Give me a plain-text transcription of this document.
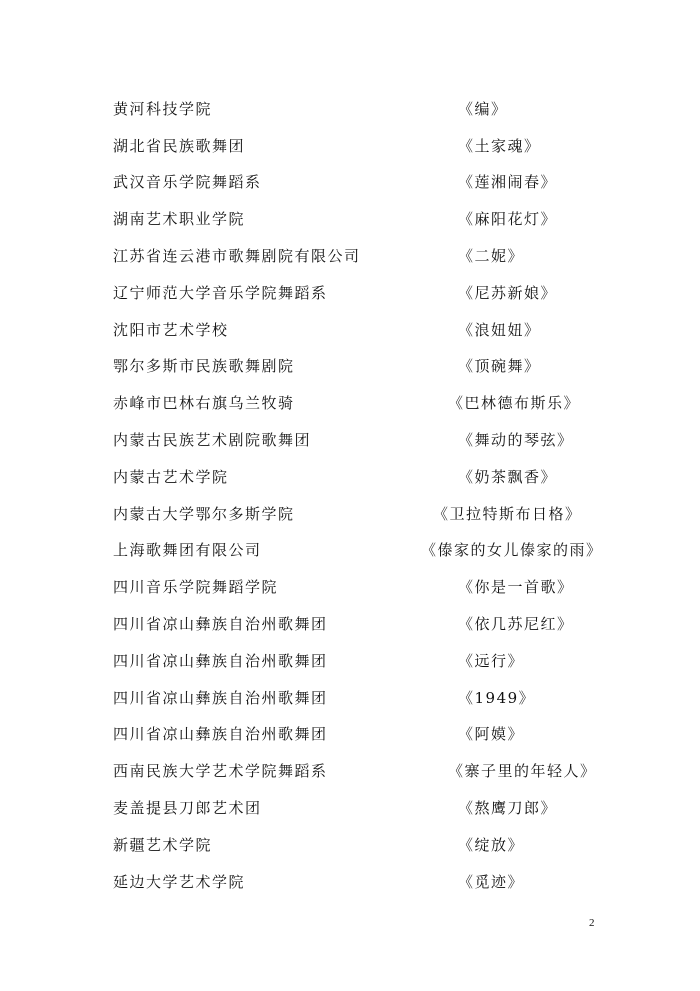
黄河科技学院	《编》
湖北省民族歌舞团	《土家魂》
武汉音乐学院舞蹈系	《莲湘闹春》
湖南艺术职业学院	《麻阳花灯》
江苏省连云港市歌舞剧院有限公司	《二妮》
辽宁师范大学音乐学院舞蹈系	《尼苏新娘》
沈阳市艺术学校	《浪妞妞》
鄂尔多斯市民族歌舞剧院	《顶碗舞》
赤峰市巴林右旗乌兰牧骑	《巴林德布斯乐》
内蒙古民族艺术剧院歌舞团	《舞动的琴弦》
内蒙古艺术学院	《奶茶飘香》
内蒙古大学鄂尔多斯学院	《卫拉特斯布日格》
上海歌舞团有限公司	《傣家的女儿傣家的雨》
四川音乐学院舞蹈学院	《你是一首歌》
四川省凉山彝族自治州歌舞团	《依几苏尼红》
四川省凉山彝族自治州歌舞团	《远行》
四川省凉山彝族自治州歌舞团	《1949》
四川省凉山彝族自治州歌舞团	《阿嫫》
西南民族大学艺术学院舞蹈系	《寨子里的年轻人》
麦盖提县刀郎艺术团	《熬鹰刀郎》
新疆艺术学院	《绽放》
延边大学艺术学院	《觅迹》
2
